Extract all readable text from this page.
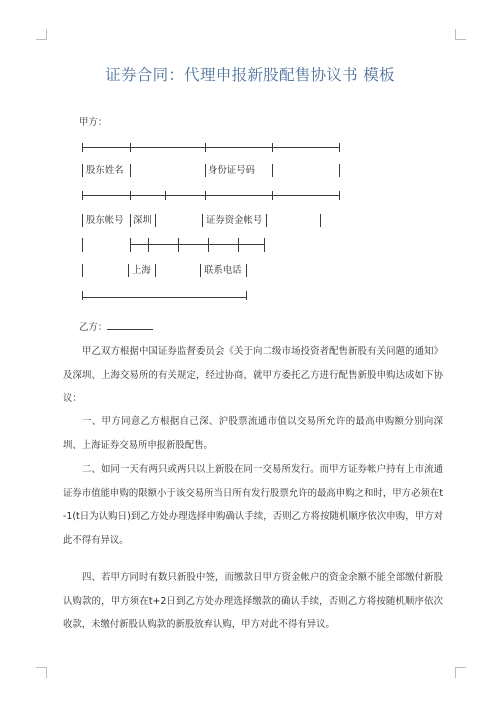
证券合同：代理申报新股配售协议书 模板
甲方：
股东姓名	身份证号码
股东帐号 深圳	证券资金帐号
上海	联系电话
乙方：

甲乙双方根据中国证券监督委员会《关于向二级市场投资者配售新股有关问题的通知》及深圳、上海交易所的有关规定，经过协商，就甲方委托乙方进行配售新股申购达成如下协议：

一、甲方同意乙方根据自己深、沪股票流通市值以交易所允许的最高申购额分别向深圳、上海证券交易所申报新股配售。

二、如同一天有两只或两只以上新股在同一交易所发行。而甲方证券帐户持有上市流通证券市值能申购的限额小于该交易所当日所有发行股票允许的最高申购之和时，甲方必须在t-1(t日为认购日)到乙方处办理选择申购确认手续，否则乙方将按随机顺序依次申购，甲方对此不得有异议。

四、若甲方同时有数只新股中签，而缴款日甲方资金帐户的资金余额不能全部缴付新股认购款的，甲方须在t+2日到乙方处办理选择缴款的确认手续，否则乙方将按随机顺序依次收款，未缴付新股认购款的新股放弃认购，甲方对此不得有异议。
